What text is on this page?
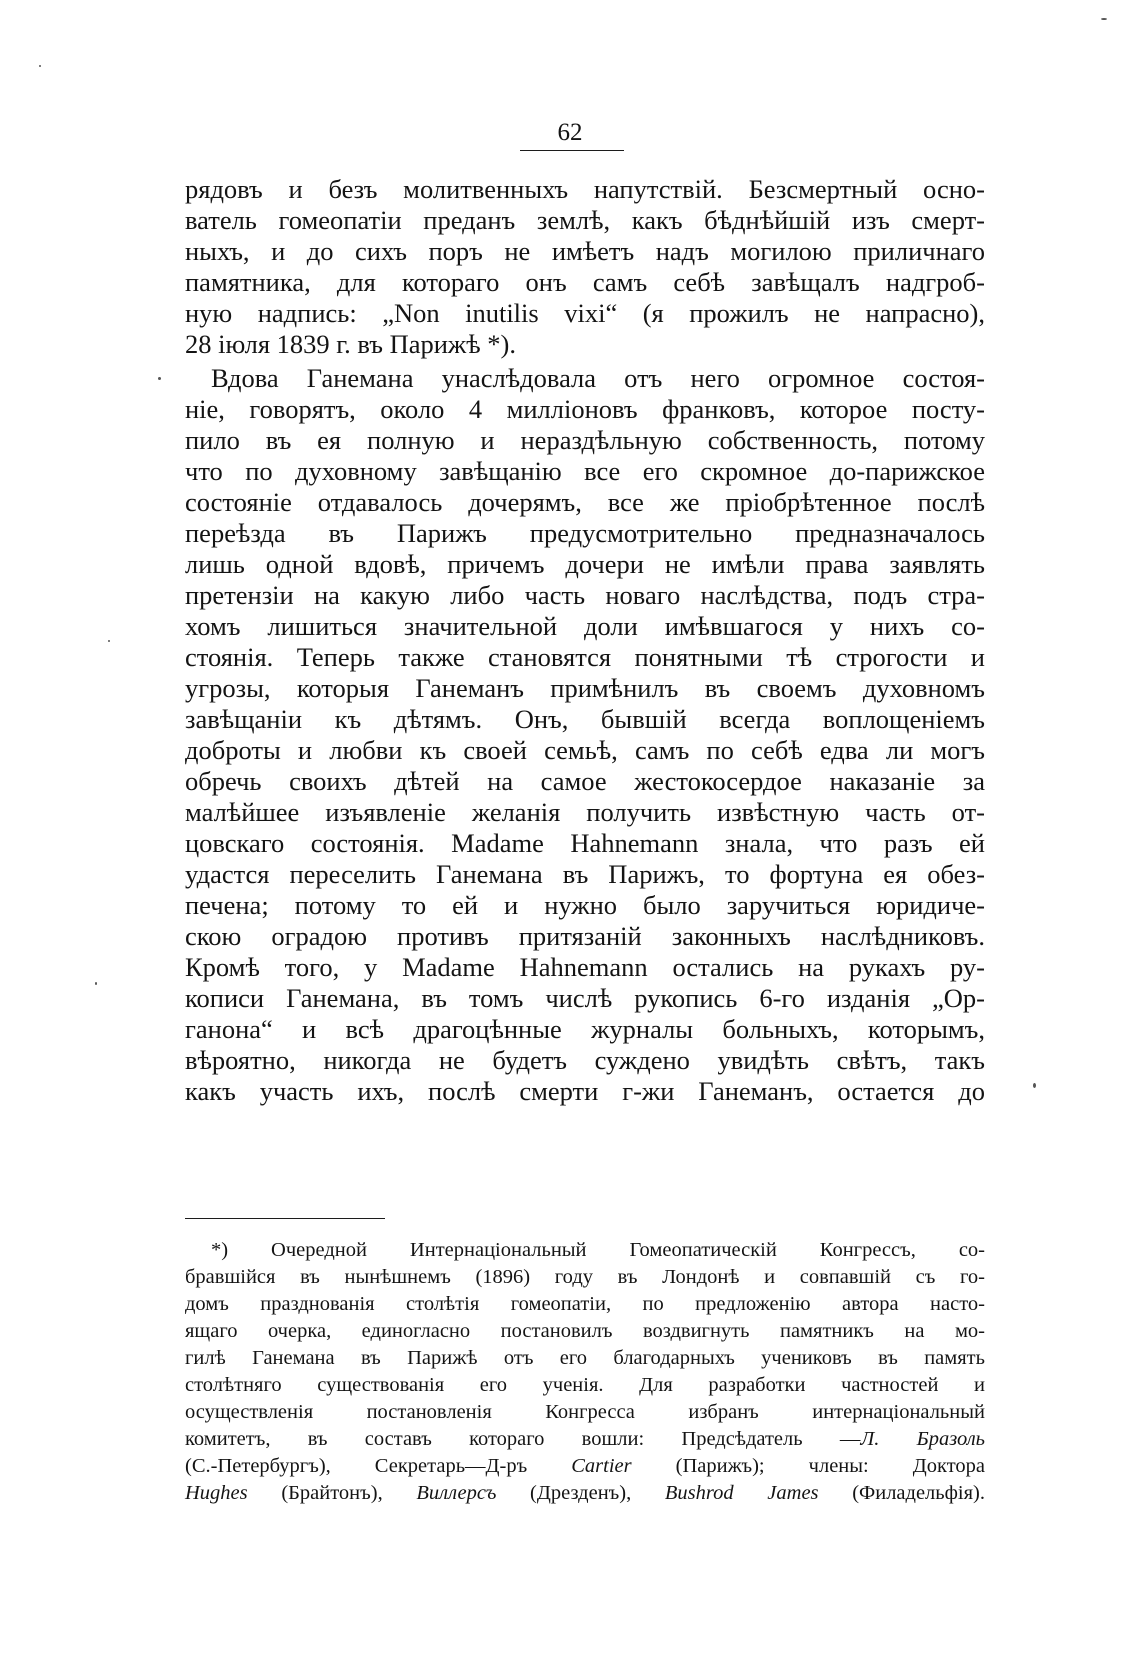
62
рядовъ и безъ молитвенныхъ напутствій. Безсмертный осно-
ватель гомеопатіи преданъ землѣ, какъ бѣднѣйшій изъ смерт-
ныхъ, и до сихъ поръ не имѣетъ надъ могилою приличнаго
памятника, для котораго онъ самъ себѣ завѣщалъ надгроб-
ную надпись: „Non inutilis vixi“ (я прожилъ не напрасно),
28 іюля 1839 г. въ Парижѣ *).
Вдова Ганемана унаслѣдовала отъ него огромное состоя-
ніе, говорятъ, около 4 милліоновъ франковъ, которое посту-
пило въ ея полную и нераздѣльную собственность, потому
что по духовному завѣщанію все его скромное до-парижское
состояніе отдавалось дочерямъ, все же пріобрѣтенное послѣ
переѣзда въ Парижъ предусмотрительно предназначалось
лишь одной вдовѣ, причемъ дочери не имѣли права заявлять
претензіи на какую либо часть новаго наслѣдства, подъ стра-
хомъ лишиться значительной доли имѣвшагося у нихъ со-
стоянія. Теперь также становятся понятными тѣ строгости и
угрозы, которыя Ганеманъ примѣнилъ въ своемъ духовномъ
завѣщаніи къ дѣтямъ. Онъ, бывшій всегда воплощеніемъ
доброты и любви къ своей семьѣ, самъ по себѣ едва ли могъ
обречь своихъ дѣтей на самое жестокосердое наказаніе за
малѣйшее изъявленіе желанія получить извѣстную часть от-
цовскаго состоянія. Madame Hahnemann знала, что разъ ей
удастся переселить Ганемана въ Парижъ, то фортуна ея обез-
печена; потому то ей и нужно было заручиться юридиче-
скою оградою противъ притязаній законныхъ наслѣдниковъ.
Кромѣ того, у Madame Hahnemann остались на рукахъ ру-
кописи Ганемана, въ томъ числѣ рукопись 6-го изданія „Ор-
ганона“ и всѣ драгоцѣнные журналы больныхъ, которымъ,
вѣроятно, никогда не будетъ суждено увидѣть свѣтъ, такъ
какъ участь ихъ, послѣ смерти г-жи Ганеманъ, остается до
*) Очередной Интернаціональный Гомеопатическій Конгрессъ, со-
бравшійся въ нынѣшнемъ (1896) году въ Лондонѣ и совпавшій съ го-
домъ празднованія столѣтія гомеопатіи, по предложенію автора насто-
ящаго очерка, единогласно постановилъ воздвигнуть памятникъ на мо-
гилѣ Ганемана въ Парижѣ отъ его благодарныхъ учениковъ въ память
столѣтняго существованія его ученія. Для разработки частностей и
осуществленія постановленія Конгресса избранъ интернаціональный
комитетъ, въ составъ котораго вошли: Предсѣдатель —Л. Бразоль
(С.-Петербургъ), Секретарь—Д-ръ Cartier (Парижъ); члены: Доктора
Hughes (Брайтонъ), Виллерсъ (Дрезденъ), Bushrod James (Филадельфія).
